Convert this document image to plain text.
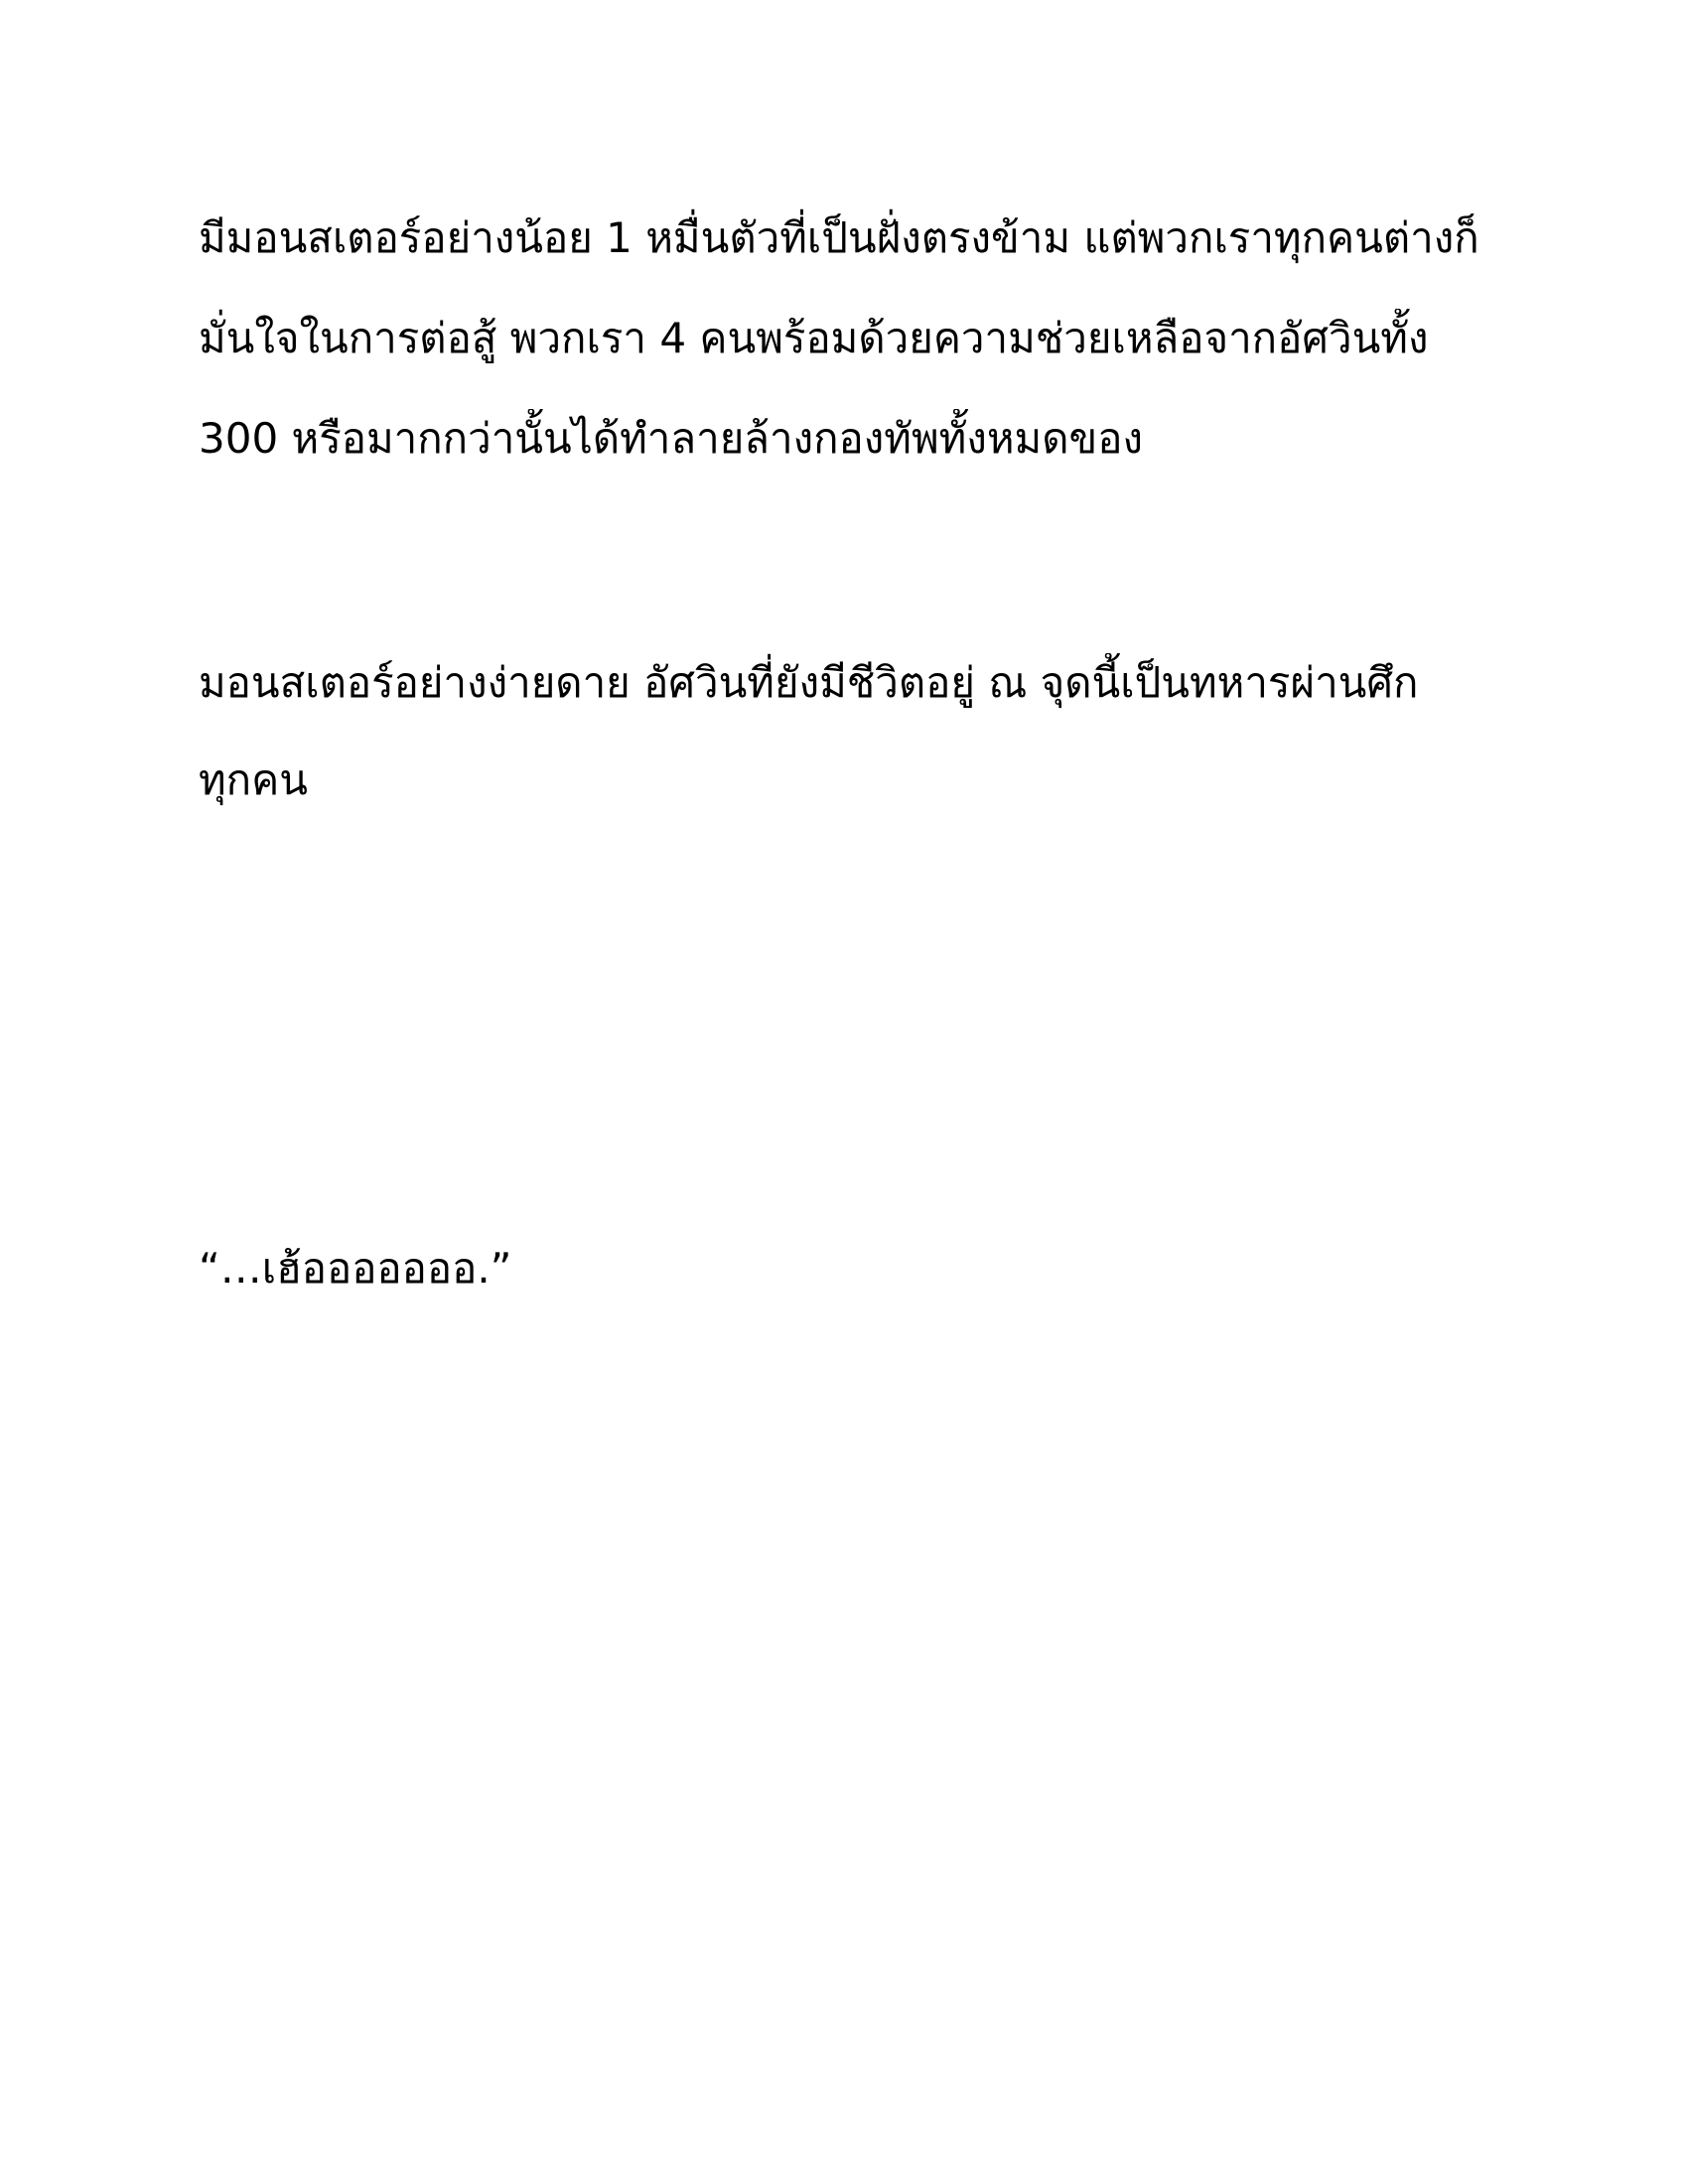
มีมอนสเตอร์อย่างน้อย 1 หมื่นตัวที่เป็นฝั่งตรงข้าม แต่พวกเราทุกคนต่างก็
มั่นใจในการต่อสู้ พวกเรา 4 คนพร้อมด้วยความช่วยเหลือจากอัศวินทั้ง
300 หรือมากกว่านั้นได้ทำลายล้างกองทัพทั้งหมดของ
มอนสเตอร์อย่างง่ายดาย อัศวินที่ยังมีชีวิตอยู่ ณ จุดนี้เป็นทหารผ่านศึก
ทุกคน
“…เฮ้อออออออ.”
